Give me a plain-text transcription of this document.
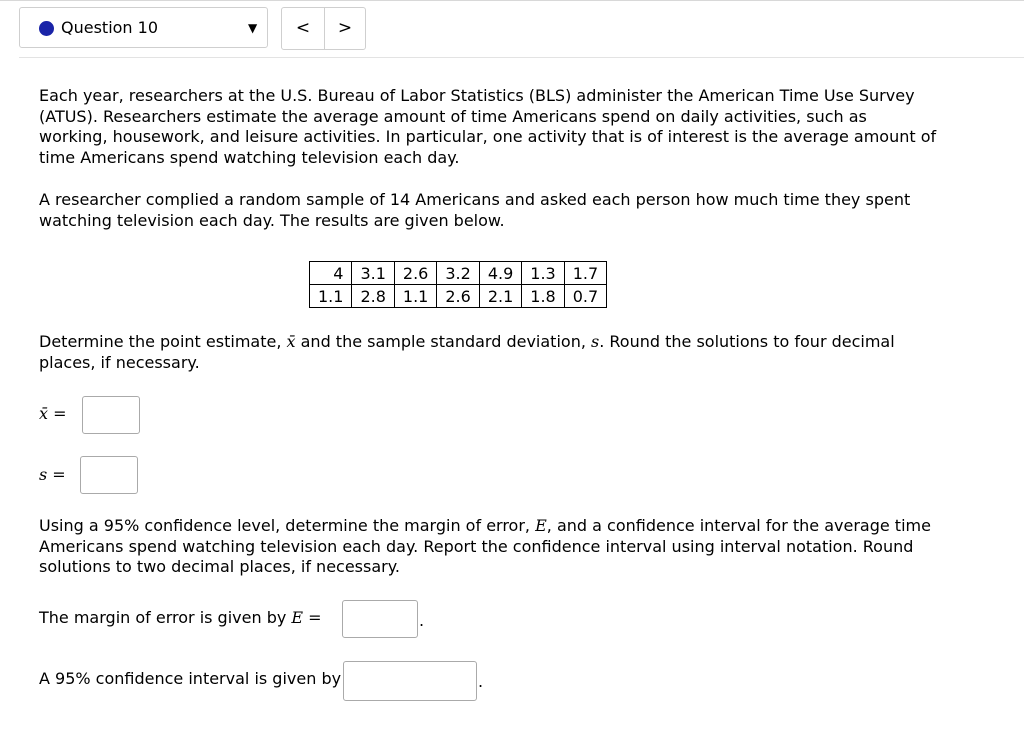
Question 10	▼	<	>

Each year, researchers at the U.S. Bureau of Labor Statistics (BLS) administer the American Time Use Survey (ATUS). Researchers estimate the average amount of time Americans spend on daily activities, such as working, housework, and leisure activities. In particular, one activity that is of interest is the average amount of time Americans spend watching television each day.

A researcher complied a random sample of 14 Americans and asked each person how much time they spent watching television each day. The results are given below.

4	3.1	2.6	3.2	4.9	1.3	1.7
1.1	2.8	1.1	2.6	2.1	1.8	0.7

Determine the point estimate, x̄ and the sample standard deviation, s. Round the solutions to four decimal places, if necessary.

x̄ =
s =

Using a 95% confidence level, determine the margin of error, E, and a confidence interval for the average time Americans spend watching television each day. Report the confidence interval using interval notation. Round solutions to two decimal places, if necessary.

The margin of error is given by E =	.
A 95% confidence interval is given by	.
